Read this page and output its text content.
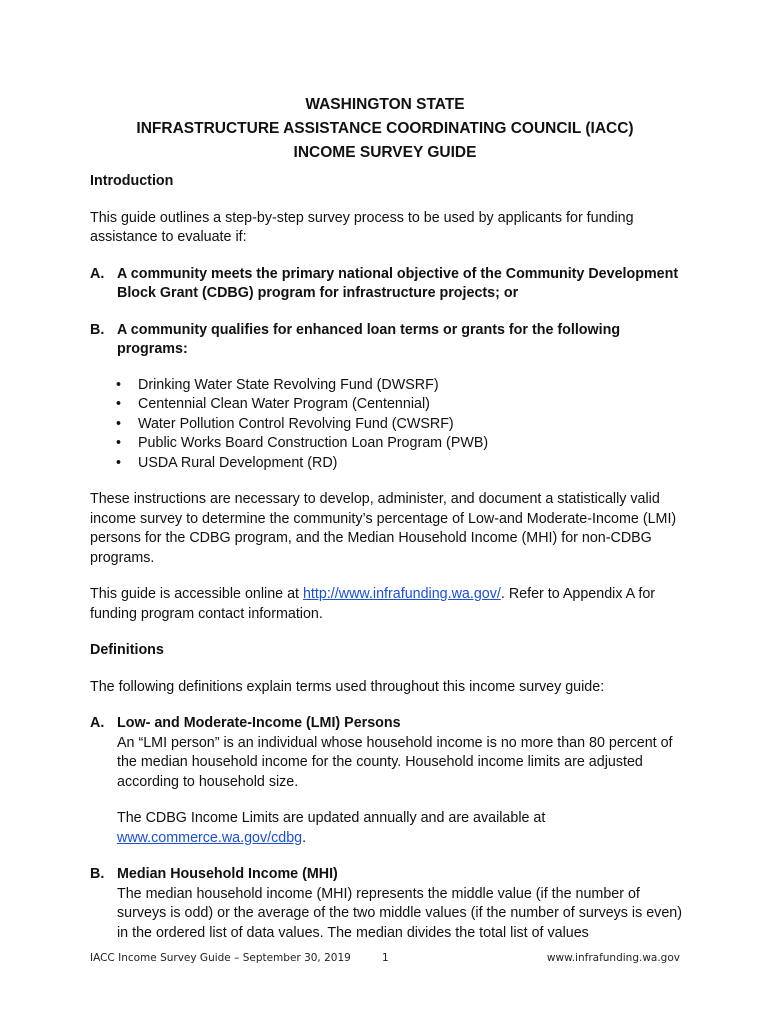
WASHINGTON STATE
INFRASTRUCTURE ASSISTANCE COORDINATING COUNCIL (IACC)
INCOME SURVEY GUIDE

Introduction

This guide outlines a step-by-step survey process to be used by applicants for funding assistance to evaluate if:

A. A community meets the primary national objective of the Community Development Block Grant (CDBG) program for infrastructure projects; or
B. A community qualifies for enhanced loan terms or grants for the following programs:
• Drinking Water State Revolving Fund (DWSRF)
• Centennial Clean Water Program (Centennial)
• Water Pollution Control Revolving Fund (CWSRF)
• Public Works Board Construction Loan Program (PWB)
• USDA Rural Development (RD)

These instructions are necessary to develop, administer, and document a statistically valid income survey to determine the community’s percentage of Low-and Moderate-Income (LMI) persons for the CDBG program, and the Median Household Income (MHI) for non-CDBG programs.

This guide is accessible online at http://www.infrafunding.wa.gov/. Refer to Appendix A for funding program contact information.

Definitions

The following definitions explain terms used throughout this income survey guide:

A. Low- and Moderate-Income (LMI) Persons

An “LMI person” is an individual whose household income is no more than 80 percent of the median household income for the county. Household income limits are adjusted according to household size.

The CDBG Income Limits are updated annually and are available at www.commerce.wa.gov/cdbg.

B. Median Household Income (MHI)

The median household income (MHI) represents the middle value (if the number of surveys is odd) or the average of the two middle values (if the number of surveys is even) in the ordered list of data values. The median divides the total list of values

IACC Income Survey Guide – September 30, 2019	1	www.infrafunding.wa.gov
